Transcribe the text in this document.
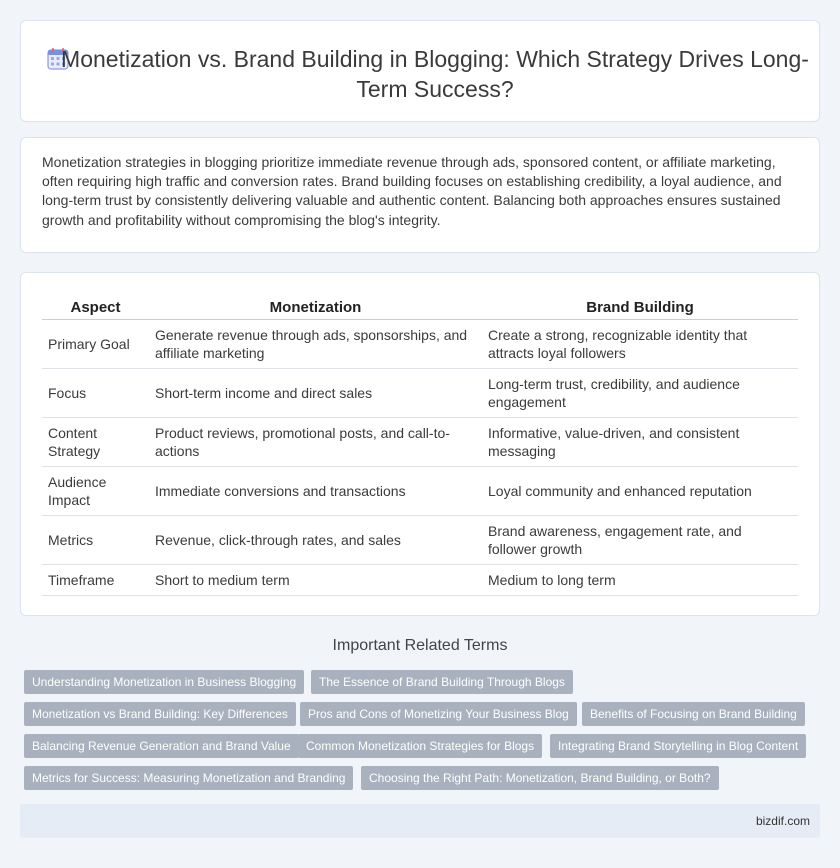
Monetization vs. Brand Building in Blogging: Which Strategy Drives Long-Term Success?

Monetization strategies in blogging prioritize immediate revenue through ads, sponsored content, or affiliate marketing, often requiring high traffic and conversion rates. Brand building focuses on establishing credibility, a loyal audience, and long-term trust by consistently delivering valuable and authentic content. Balancing both approaches ensures sustained growth and profitability without compromising the blog's integrity.

Aspect	Monetization	Brand Building
Primary Goal	Generate revenue through ads, sponsorships, and affiliate marketing	Create a strong, recognizable identity that attracts loyal followers
Focus	Short-term income and direct sales	Long-term trust, credibility, and audience engagement
Content Strategy	Product reviews, promotional posts, and call-to-actions	Informative, value-driven, and consistent messaging
Audience Impact	Immediate conversions and transactions	Loyal community and enhanced reputation
Metrics	Revenue, click-through rates, and sales	Brand awareness, engagement rate, and follower growth
Timeframe	Short to medium term	Medium to long term
Important Related Terms
Understanding Monetization in Business Blogging	The Essence of Brand Building Through Blogs
Monetization vs Brand Building: Key Differences	Pros and Cons of Monetizing Your Business Blog	Benefits of Focusing on Brand Building
Balancing Revenue Generation and Brand Value	Common Monetization Strategies for Blogs	Integrating Brand Storytelling in Blog Content
Metrics for Success: Measuring Monetization and Branding	Choosing the Right Path: Monetization, Brand Building, or Both?
bizdif.com
